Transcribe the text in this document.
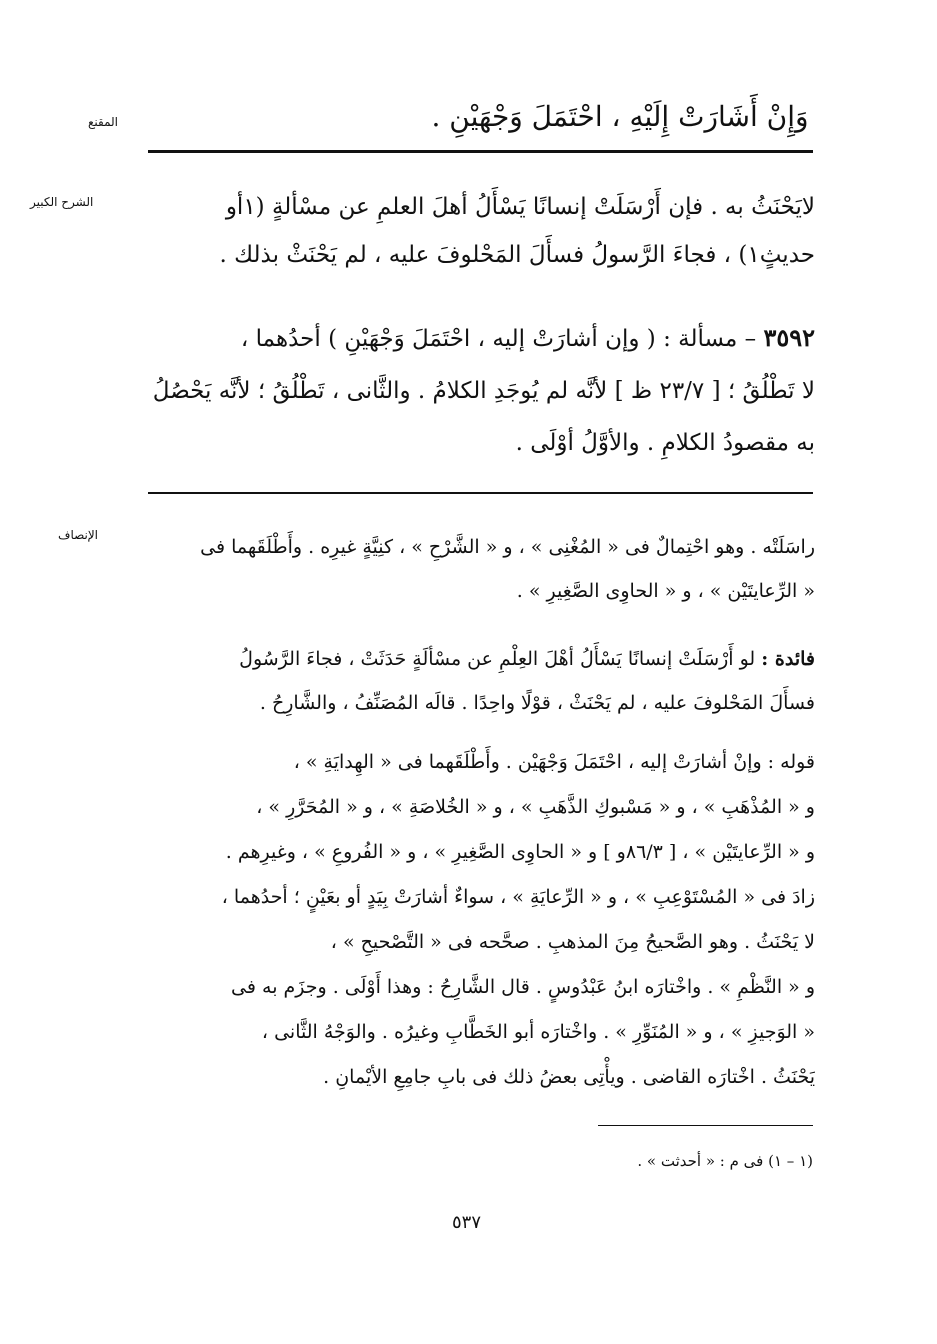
المقنع
الشرح الكبير
الإنصاف
وَإِنْ أَشَارَتْ إِلَيْهِ ، احْتَمَلَ وَجْهَيْنِ .
لايَحْنَثُ به . فإن أَرْسَلَتْ إنسانًا يَسْأَلُ أهلَ العلمِ عن مسْألةٍ (١أو
حديثٍ١) ، فجاءَ الرَّسولُ فسأَلَ المَحْلوفَ عليه ، لم يَحْنَثْ بذلك .
٣٥٩٢ – مسألة : ( وإن أشارَتْ إليه ، احْتَمَلَ وَجْهَيْنِ ) أحدُهما ،
لا تَطْلُقُ ؛ [ ٢٣/٧ ظ ] لأنَّه لم يُوجَدِ الكلامُ . والثَّانى ، تَطْلُقُ ؛ لأنَّه يَحْصُلُ
به مقصودُ الكلامِ . والأوَّلُ أوْلَى .
راسَلَتْه . وهو احْتِمالٌ فى « المُغْنِى » ، و « الشَّرْحِ » ، كنِيَّةٍ غيرِه . وأَطْلَقَهما فى
« الرِّعايتَيْن » ، و « الحاوِى الصَّغِيرِ » .
فائدة : لو أَرْسَلَتْ إنسانًا يَسْأَلُ أهْلَ العِلْمِ عن مسْألَةٍ حَدَثَتْ ، فجاءَ الرَّسُولُ
فسأَلَ المَحْلوفَ عليه ، لم يَحْنَثْ ، قوْلًا واحِدًا . قالَه المُصَنِّفُ ، والشَّارِحُ .
قوله : وإنْ أشارَتْ إليه ، احْتَمَلَ وَجْهَيْن . وأَطْلَقَهما فى « الهِدايَةِ » ،
و « المُذْهَبِ » ، و « مَسْبوكِ الذَّهَبِ » ، و « الخُلاصَةِ » ، و « المُحَرَّرِ » ،
و « الرِّعايتَيْن » ، [ ٨٦/٣و ] و « الحاوِى الصَّغِيرِ » ، و « الفُروعِ » ، وغيرِهم .
زادَ فى « المُسْتَوْعِبِ » ، و « الرِّعايَةِ » ، سواءٌ أشارَتْ بِيَدٍ أو بعَيْنٍ ؛ أحدُهما ،
لا يَحْنَثُ . وهو الصَّحيحُ مِنَ المذهبِ . صحَّحه فى « التَّصْحيحِ » ،
و « النَّظْمِ » . واخْتارَه ابنُ عَبْدُوسٍ . قال الشَّارِحُ : وهذا أَوْلَى . وجزَم به فى
« الوَجيزِ » ، و « المُنَوِّرِ » . واخْتارَه أبو الخَطَّابِ وغيرُه . والوَجْهُ الثَّانى ،
يَحْنَثُ . اخْتارَه القاضى . ويأْتِى بعضُ ذلك فى بابِ جامِعِ الأيْمانِ .
(١ – ١) فى م : « أحدثت » .
٥٣٧
